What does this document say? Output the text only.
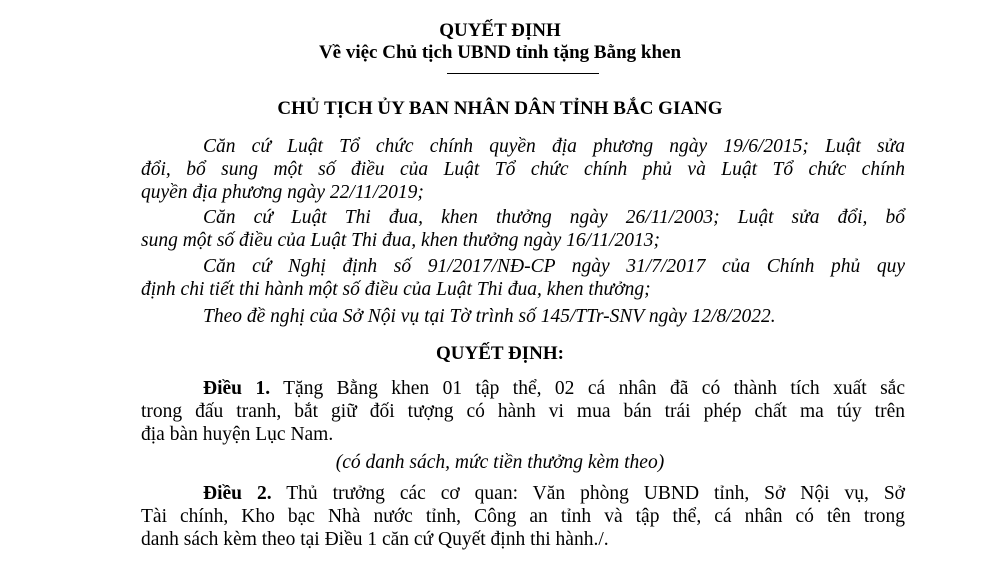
QUYẾT ĐỊNH
Về việc Chủ tịch UBND tỉnh tặng Bằng khen
CHỦ TỊCH ỦY BAN NHÂN DÂN TỈNH BẮC GIANG
Căn cứ Luật Tổ chức chính quyền địa phương ngày 19/6/2015; Luật sửa
đổi, bổ sung một số điều của Luật Tổ chức chính phủ và Luật Tổ chức chính
quyền địa phương ngày 22/11/2019;
Căn cứ Luật Thi đua, khen thưởng ngày 26/11/2003; Luật sửa đổi, bổ
sung một số điều của Luật Thi đua, khen thưởng ngày 16/11/2013;
Căn cứ Nghị định số 91/2017/NĐ-CP ngày 31/7/2017 của Chính phủ quy
định chi tiết thi hành một số điều của Luật Thi đua, khen thưởng;
Theo đề nghị của Sở Nội vụ tại Tờ trình số 145/TTr-SNV ngày 12/8/2022.
QUYẾT ĐỊNH:
Điều 1. Tặng Bằng khen 01 tập thể, 02 cá nhân đã có thành tích xuất sắc
trong đấu tranh, bắt giữ đối tượng có hành vi mua bán trái phép chất ma túy trên
địa bàn huyện Lục Nam.
(có danh sách, mức tiền thưởng kèm theo)
Điều 2. Thủ trưởng các cơ quan: Văn phòng UBND tỉnh, Sở Nội vụ, Sở
Tài chính, Kho bạc Nhà nước tỉnh, Công an tỉnh và tập thể, cá nhân có tên trong
danh sách kèm theo tại Điều 1 căn cứ Quyết định thi hành./.
